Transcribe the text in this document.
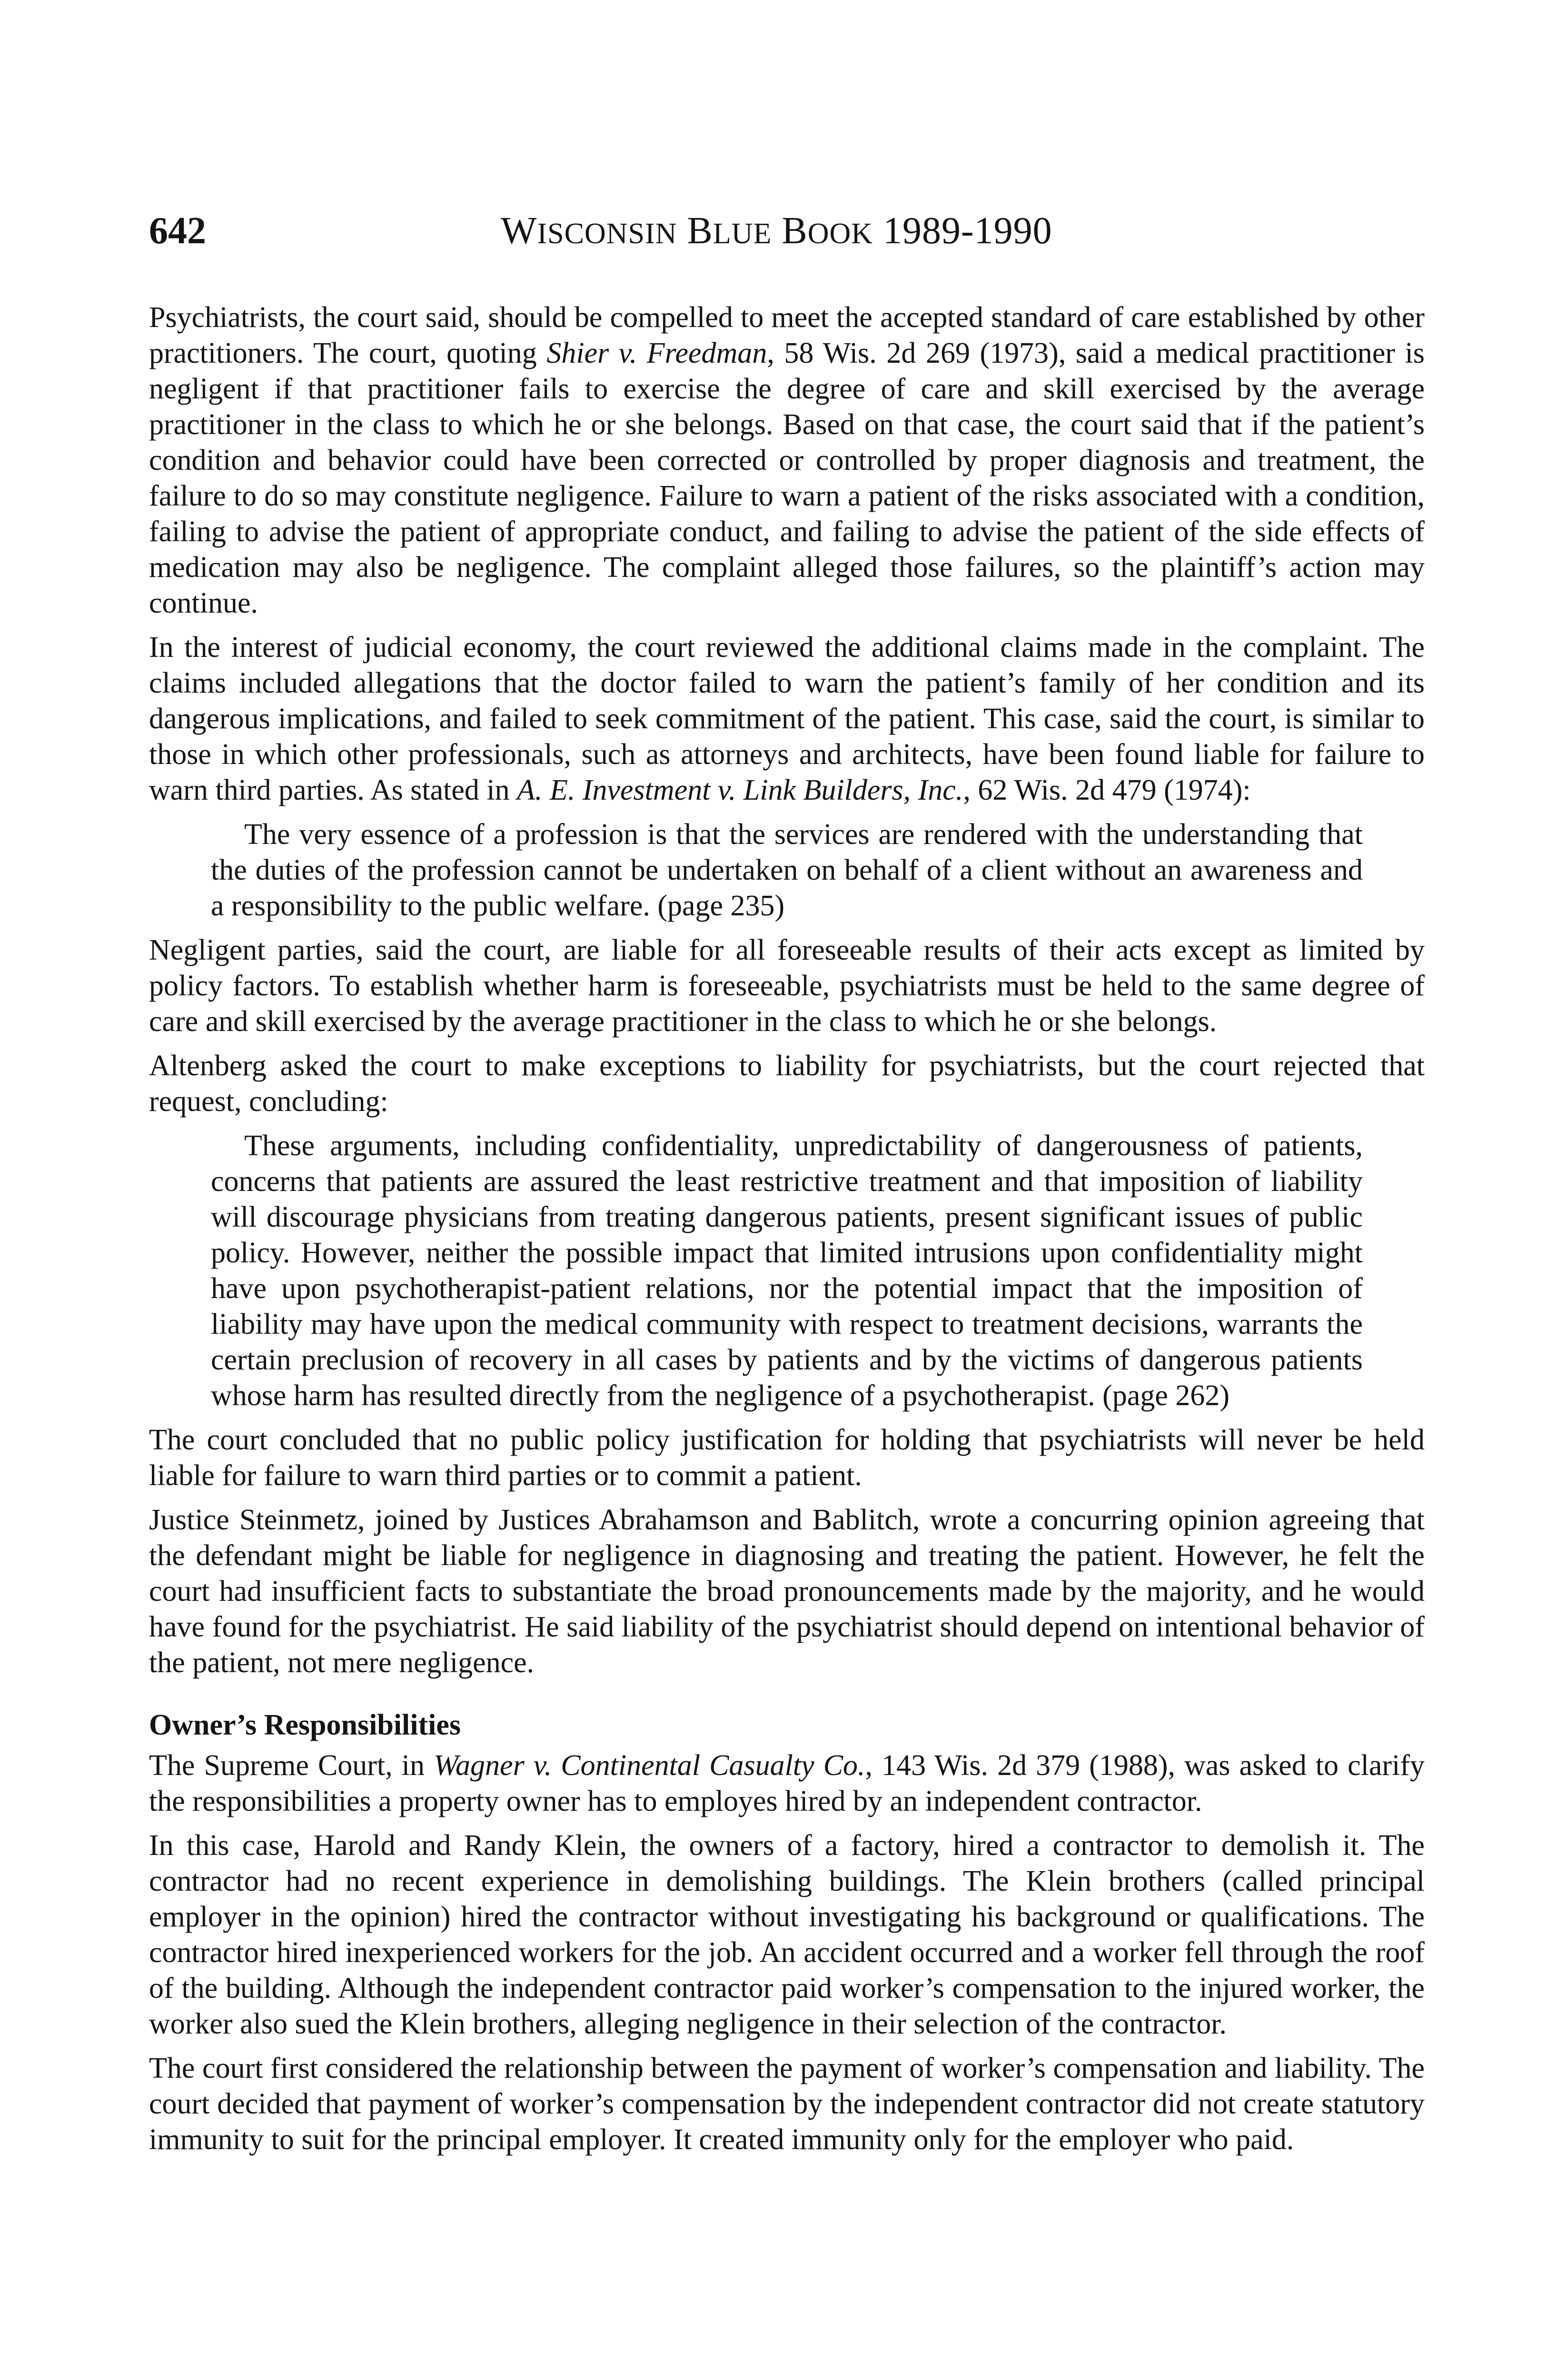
642	WISCONSIN BLUE BOOK 1989-1990

Psychiatrists, the court said, should be compelled to meet the accepted standard of care established by other practitioners. The court, quoting Shier v. Freedman, 58 Wis. 2d 269 (1973), said a medical practitioner is negligent if that practitioner fails to exercise the degree of care and skill exercised by the average practitioner in the class to which he or she belongs. Based on that case, the court said that if the patient’s condition and behavior could have been corrected or controlled by proper diagnosis and treatment, the failure to do so may constitute negligence. Failure to warn a patient of the risks associated with a condition, failing to advise the patient of appropriate conduct, and failing to advise the patient of the side effects of medication may also be negligence. The complaint alleged those failures, so the plaintiff’s action may continue.

In the interest of judicial economy, the court reviewed the additional claims made in the complaint. The claims included allegations that the doctor failed to warn the patient’s family of her condition and its dangerous implications, and failed to seek commitment of the patient. This case, said the court, is similar to those in which other professionals, such as attorneys and architects, have been found liable for failure to warn third parties. As stated in A. E. Investment v. Link Builders, Inc., 62 Wis. 2d 479 (1974):

The very essence of a profession is that the services are rendered with the understanding that the duties of the profession cannot be undertaken on behalf of a client without an awareness and a responsibility to the public welfare. (page 235)

Negligent parties, said the court, are liable for all foreseeable results of their acts except as limited by policy factors. To establish whether harm is foreseeable, psychiatrists must be held to the same degree of care and skill exercised by the average practitioner in the class to which he or she belongs.

Altenberg asked the court to make exceptions to liability for psychiatrists, but the court rejected that request, concluding:

These arguments, including confidentiality, unpredictability of dangerousness of patients, concerns that patients are assured the least restrictive treatment and that imposition of liability will discourage physicians from treating dangerous patients, present significant issues of public policy. However, neither the possible impact that limited intrusions upon confidentiality might have upon psychotherapist-patient relations, nor the potential impact that the imposition of liability may have upon the medical community with respect to treatment decisions, warrants the certain preclusion of recovery in all cases by patients and by the victims of dangerous patients whose harm has resulted directly from the negligence of a psychotherapist. (page 262)

The court concluded that no public policy justification for holding that psychiatrists will never be held liable for failure to warn third parties or to commit a patient.

Justice Steinmetz, joined by Justices Abrahamson and Bablitch, wrote a concurring opinion agreeing that the defendant might be liable for negligence in diagnosing and treating the patient. However, he felt the court had insufficient facts to substantiate the broad pronouncements made by the majority, and he would have found for the psychiatrist. He said liability of the psychiatrist should depend on intentional behavior of the patient, not mere negligence.

Owner’s Responsibilities

The Supreme Court, in Wagner v. Continental Casualty Co., 143 Wis. 2d 379 (1988), was asked to clarify the responsibilities a property owner has to employes hired by an independent contractor.

In this case, Harold and Randy Klein, the owners of a factory, hired a contractor to demolish it. The contractor had no recent experience in demolishing buildings. The Klein brothers (called principal employer in the opinion) hired the contractor without investigating his background or qualifications. The contractor hired inexperienced workers for the job. An accident occurred and a worker fell through the roof of the building. Although the independent contractor paid worker’s compensation to the injured worker, the worker also sued the Klein brothers, alleging negligence in their selection of the contractor.

The court first considered the relationship between the payment of worker’s compensation and liability. The court decided that payment of worker’s compensation by the independent contractor did not create statutory immunity to suit for the principal employer. It created immunity only for the employer who paid.
